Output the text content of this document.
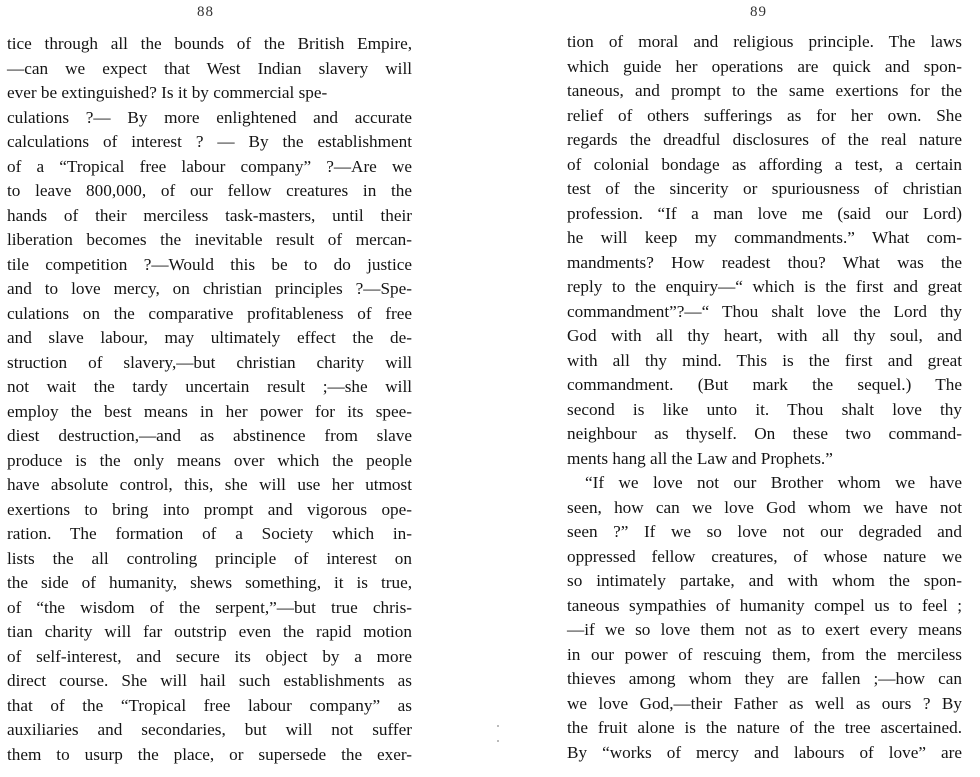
88
tice through all the bounds of the British Empire,
—can we expect that West Indian slavery will
ever be extinguished? Is it by commercial spe-
culations ?— By more enlightened and accurate
calculations of interest ? — By the establishment
of a “Tropical free labour company” ?—Are we
to leave 800,000, of our fellow creatures in the
hands of their merciless task-masters, until their
liberation becomes the inevitable result of mercan-
tile competition ?—Would this be to do justice
and to love mercy, on christian principles ?—Spe-
culations on the comparative profitableness of free
and slave labour, may ultimately effect the de-
struction of slavery,—but christian charity will
not wait the tardy uncertain result ;—she will
employ the best means in her power for its spee-
diest destruction,—and as abstinence from slave
produce is the only means over which the people
have absolute control, this, she will use her utmost
exertions to bring into prompt and vigorous ope-
ration. The formation of a Society which in-
lists the all controling principle of interest on
the side of humanity, shews something, it is true,
of “the wisdom of the serpent,”—but true chris-
tian charity will far outstrip even the rapid motion
of self-interest, and secure its object by a more
direct course. She will hail such establishments as
that of the “Tropical free labour company” as
auxiliaries and secondaries, but will not suffer
them to usurp the place, or supersede the exer-
89
tion of moral and religious principle. The laws
which guide her operations are quick and spon-
taneous, and prompt to the same exertions for the
relief of others sufferings as for her own. She
regards the dreadful disclosures of the real nature
of colonial bondage as affording a test, a certain
test of the sincerity or spuriousness of christian
profession. “If a man love me (said our Lord)
he will keep my commandments.” What com-
mandments? How readest thou? What was the
reply to the enquiry—“ which is the first and great
commandment”?—“ Thou shalt love the Lord thy
God with all thy heart, with all thy soul, and
with all thy mind. This is the first and great
commandment. (But mark the sequel.) The
second is like unto it. Thou shalt love thy
neighbour as thyself. On these two command-
ments hang all the Law and Prophets.”
“If we love not our Brother whom we have
seen, how can we love God whom we have not
seen ?” If we so love not our degraded and
oppressed fellow creatures, of whose nature we
so intimately partake, and with whom the spon-
taneous sympathies of humanity compel us to feel ;
—if we so love them not as to exert every means
in our power of rescuing them, from the merciless
thieves among whom they are fallen ;—how can
we love God,—their Father as well as ours ? By
the fruit alone is the nature of the tree ascertained.
By “works of mercy and labours of love” are
